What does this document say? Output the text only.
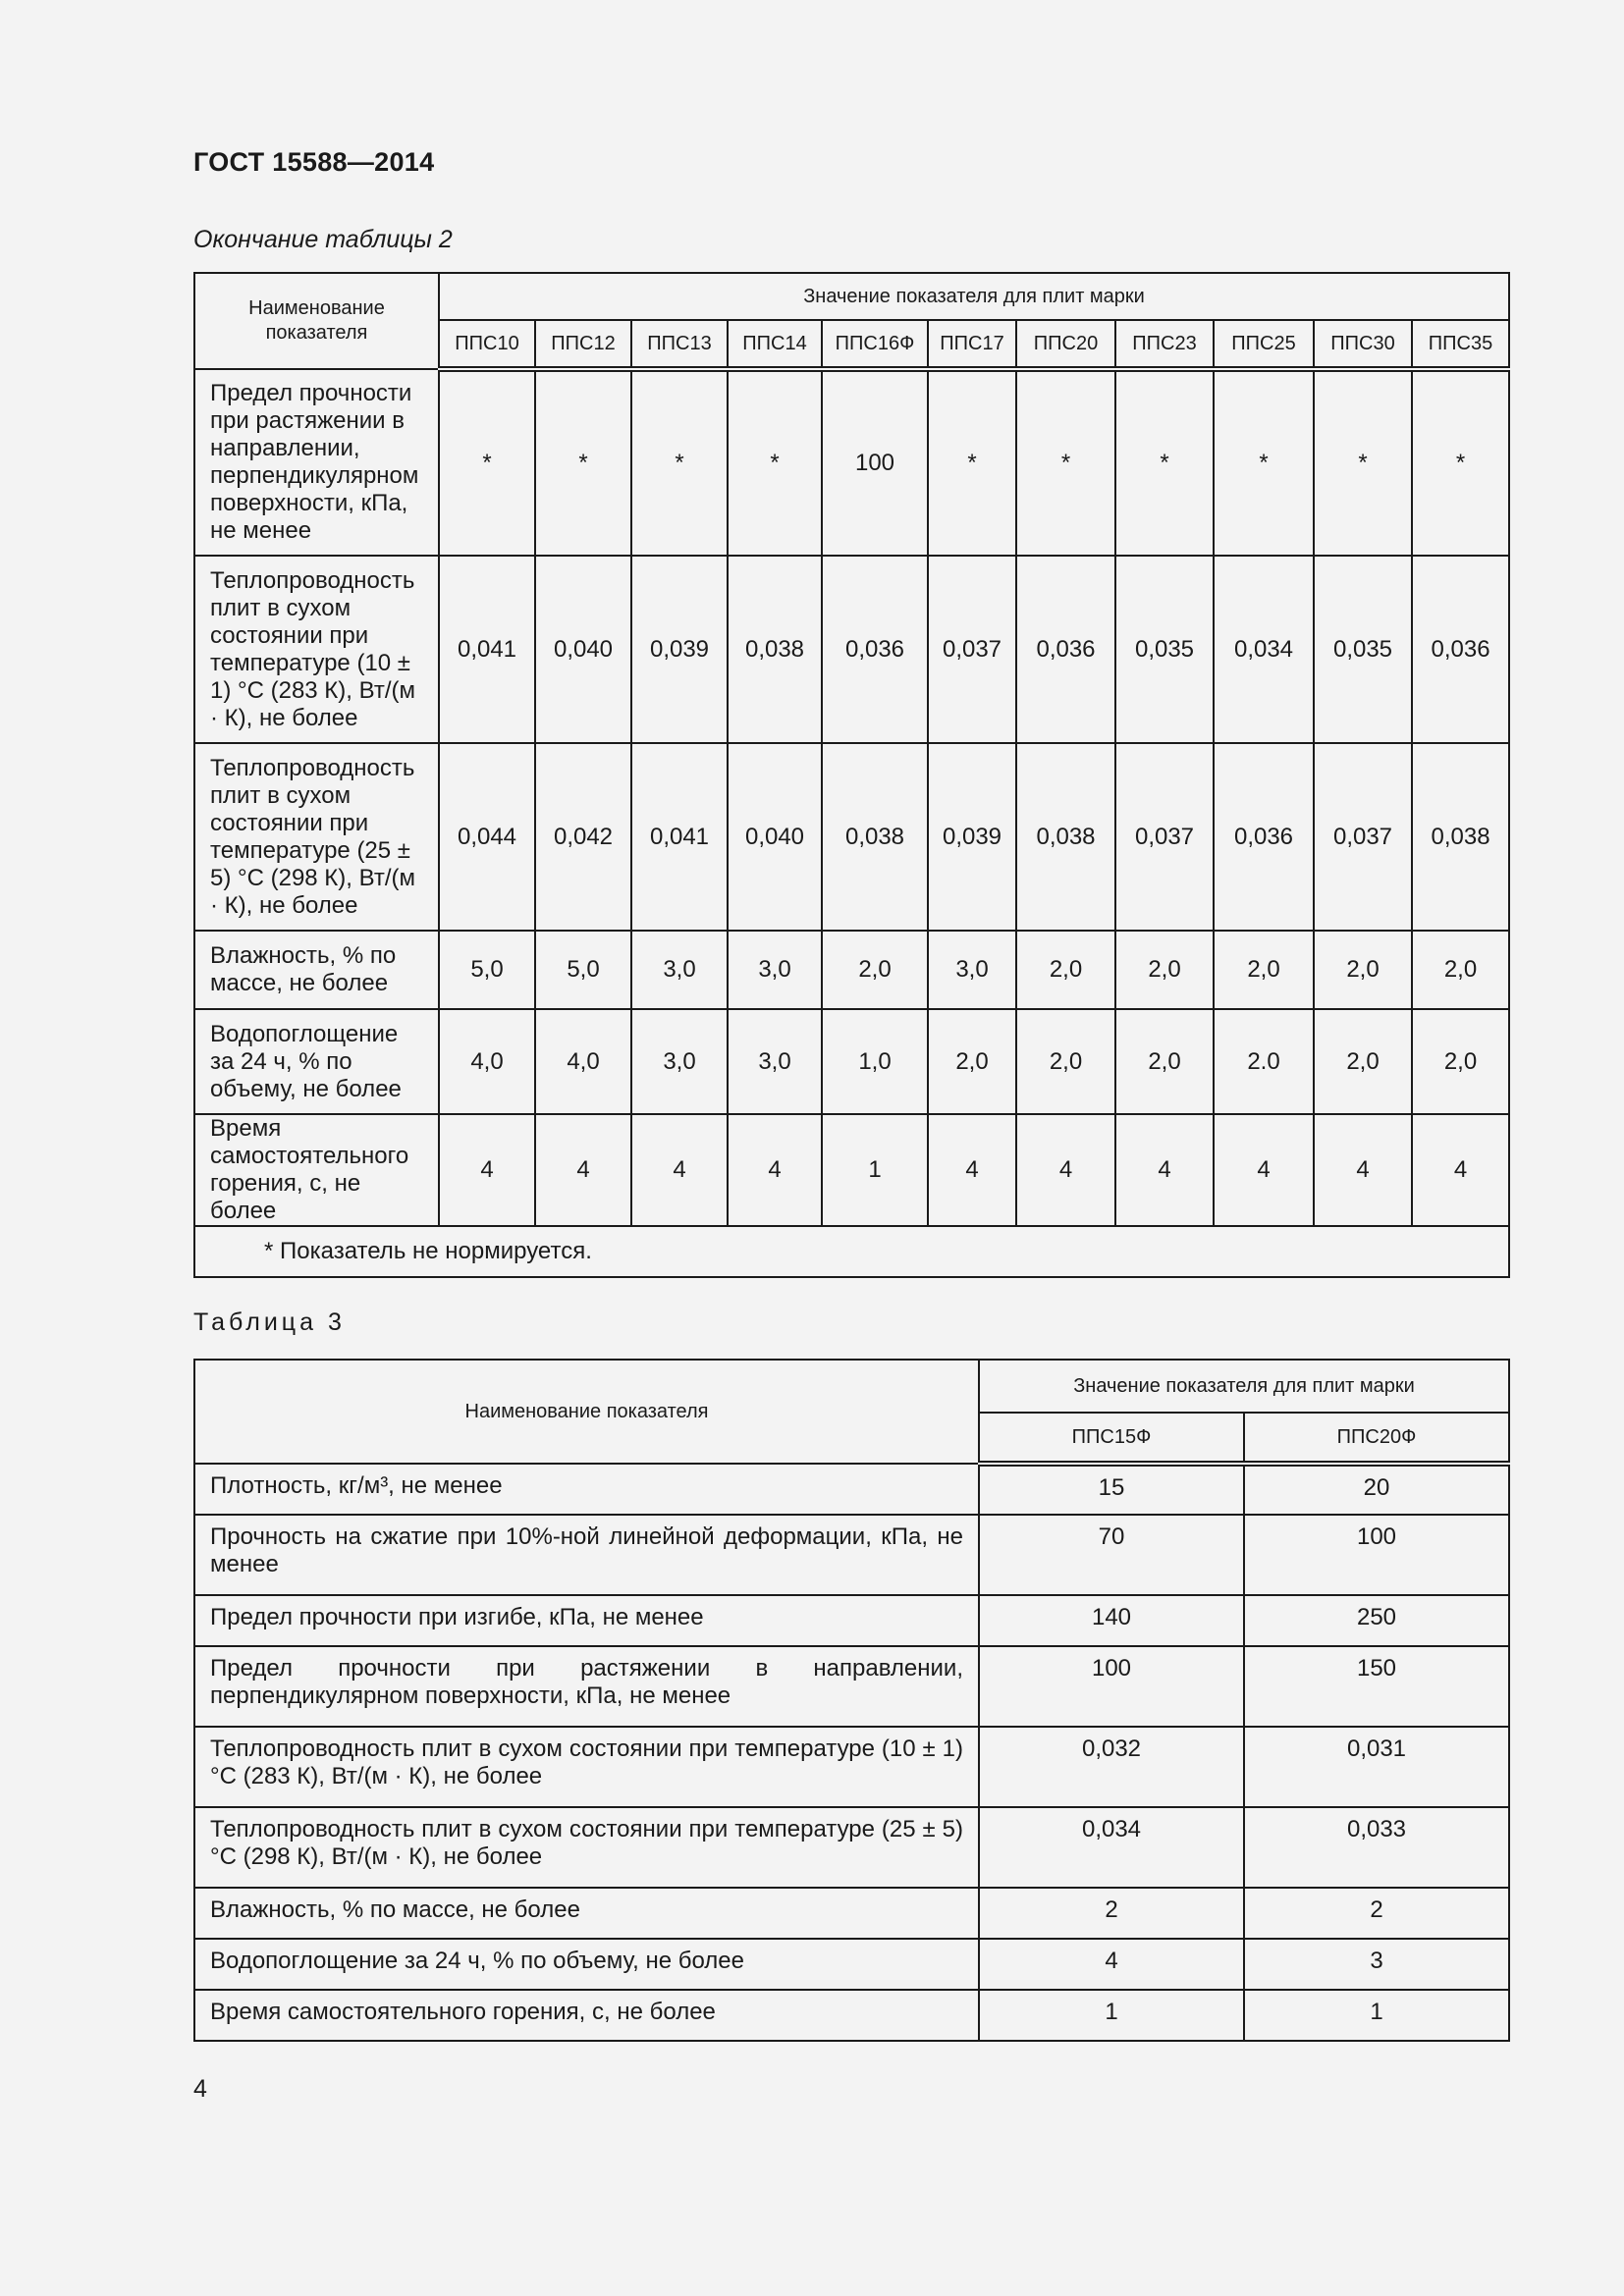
ГОСТ 15588—2014
Окончание таблицы 2
Наименование показателя	Значение показателя для плит марки										
	ППС10	ППС12	ППС13	ППС14	ППС16Ф	ППС17	ППС20	ППС23	ППС25	ППС30	ППС35
Предел прочности при растяжении в направлении, перпендикулярном поверхности, кПа, не менее	*	*	*	*	100	*	*	*	*	*	*
Теплопроводность плит в сухом состоянии при температуре (10 ± 1) °С (283 К), Вт/(м · К), не более	0,041	0,040	0,039	0,038	0,036	0,037	0,036	0,035	0,034	0,035	0,036
Теплопроводность плит в сухом состоянии при температуре (25 ± 5) °С (298 К), Вт/(м · К), не более	0,044	0,042	0,041	0,040	0,038	0,039	0,038	0,037	0,036	0,037	0,038
Влажность, % по массе, не более	5,0	5,0	3,0	3,0	2,0	3,0	2,0	2,0	2,0	2,0	2,0
Водопоглощение за 24 ч, % по объему, не более	4,0	4,0	3,0	3,0	1,0	2,0	2,0	2,0	2.0	2,0	2,0
Время самостоятельного горения, с, не более	4	4	4	4	1	4	4	4	4	4	4
* Показатель не нормируется.											
Таблица 3
Наименование показателя	Значение показателя для плит марки	
	ППС15Ф	ППС20Ф
Плотность, кг/м³, не менее	15	20
Прочность на сжатие при 10%-ной линейной деформации, кПа, не менее	70	100
Предел прочности при изгибе, кПа, не менее	140	250
Предел прочности при растяжении в направлении, перпендикулярном поверхности, кПа, не менее	100	150
Теплопроводность плит в сухом состоянии при температуре (10 ± 1) °С (283 К), Вт/(м · К), не более	0,032	0,031
Теплопроводность плит в сухом состоянии при температуре (25 ± 5) °С (298 К), Вт/(м · К), не более	0,034	0,033
Влажность, % по массе, не более	2	2
Водопоглощение за 24 ч, % по объему, не более	4	3
Время самостоятельного горения, с, не более	1	1
4
